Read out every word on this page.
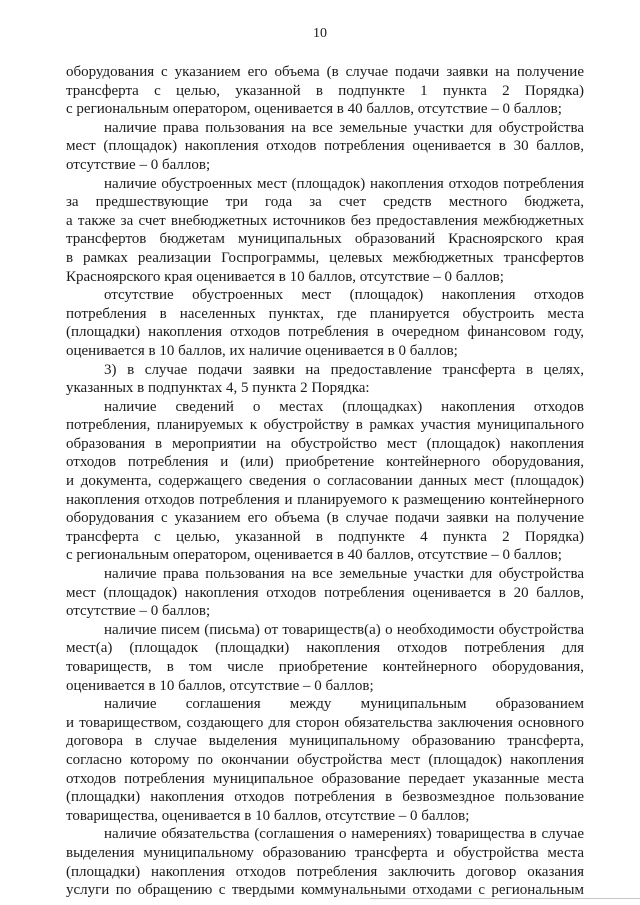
10
оборудования с указанием его объема (в случае подачи заявки на получение
трансферта с целью, указанной в подпункте 1 пункта 2 Порядка)
с региональным оператором, оценивается в 40 баллов, отсутствие – 0 баллов;
наличие права пользования на все земельные участки для обустройства
мест (площадок) накопления отходов потребления оценивается в 30 баллов,
отсутствие – 0 баллов;
наличие обустроенных мест (площадок) накопления отходов потребления
за предшествующие три года за счет средств местного бюджета,
а также за счет внебюджетных источников без предоставления межбюджетных
трансфертов бюджетам муниципальных образований Красноярского края
в рамках реализации Госпрограммы, целевых межбюджетных трансфертов
Красноярского края оценивается в 10 баллов, отсутствие – 0 баллов;
отсутствие обустроенных мест (площадок) накопления отходов
потребления в населенных пунктах, где планируется обустроить места
(площадки) накопления отходов потребления в очередном финансовом году,
оценивается в 10 баллов, их наличие оценивается в 0 баллов;
3) в случае подачи заявки на предоставление трансферта в целях,
указанных в подпунктах 4, 5 пункта 2 Порядка:
наличие сведений о местах (площадках) накопления отходов
потребления, планируемых к обустройству в рамках участия муниципального
образования в мероприятии на обустройство мест (площадок) накопления
отходов потребления и (или) приобретение контейнерного оборудования,
и документа, содержащего сведения о согласовании данных мест (площадок)
накопления отходов потребления и планируемого к размещению контейнерного
оборудования с указанием его объема (в случае подачи заявки на получение
трансферта с целью, указанной в подпункте 4 пункта 2 Порядка)
с региональным оператором, оценивается в 40 баллов, отсутствие – 0 баллов;
наличие права пользования на все земельные участки для обустройства
мест (площадок) накопления отходов потребления оценивается в 20 баллов,
отсутствие – 0 баллов;
наличие писем (письма) от товариществ(а) о необходимости обустройства
мест(а) (площадок (площадки) накопления отходов потребления для
товариществ, в том числе приобретение контейнерного оборудования,
оценивается в 10 баллов, отсутствие – 0 баллов;
наличие соглашения между муниципальным образованием
и товариществом, создающего для сторон обязательства заключения основного
договора в случае выделения муниципальному образованию трансферта,
согласно которому по окончании обустройства мест (площадок) накопления
отходов потребления муниципальное образование передает указанные места
(площадки) накопления отходов потребления в безвозмездное пользование
товарищества, оценивается в 10 баллов, отсутствие – 0 баллов;
наличие обязательства (соглашения о намерениях) товарищества в случае
выделения муниципальному образованию трансферта и обустройства места
(площадки) накопления отходов потребления заключить договор оказания
услуги по обращению с твердыми коммунальными отходами с региональным
